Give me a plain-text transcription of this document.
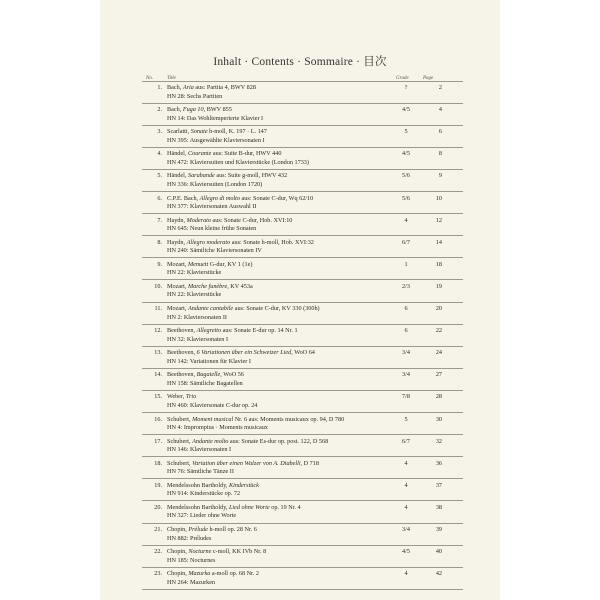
Inhalt · Contents · Sommaire · 目次
No.	Title	Grade	Page
1. Bach, Aria aus: Partita 4, BWV 828
HN 28: Sechs Partiten
?	2
2. Bach, Fuga 10, BWV 855
HN 14: Das Wohltemperierte Klavier I
4/5	4
3. Scarlatti, Sonate h-moll, K. 197 · L. 147
HN 395: Ausgewählte Klaviersonaten I
5	6
4. Händel, Courante aus: Suite B-dur, HWV 440
HN 472: Klaviersuiten und Klavierstücke (London 1733)
4/5	8
5. Händel, Sarabande aus: Suite g-moll, HWV 432
HN 336: Klaviersuiten (London 1720)
5/6	9
6. C.P.E. Bach, Allegro di molto aus: Sonate C-dur, Wq 62/10
HN 377: Klaviersonaten Auswahl II
5/6	10
7. Haydn, Moderato aus: Sonate C-dur, Hob. XVI:10
HN 645: Neun kleine frühe Sonaten
4	12
8. Haydn, Allegro moderato aus: Sonate h-moll, Hob. XVI:32
HN 240: Sämtliche Klaviersonaten IV
6/7	14
9. Mozart, Menuett G-dur, KV 1 (1e)
HN 22: Klavierstücke
1	18
10. Mozart, Marche funèbre, KV 453a
HN 22: Klavierstücke
2/3	19
11. Mozart, Andante cantabile aus: Sonate C-dur, KV 330 (300h)
HN 2: Klaviersonaten II
6	20
12. Beethoven, Allegretto aus: Sonate E-dur op. 14 Nr. 1
HN 32: Klaviersonaten I
6	22
13. Beethoven, 6 Variationen über ein Schweizer Lied, WoO 64
HN 142: Variationen für Klavier I
3/4	24
14. Beethoven, Bagatelle, WoO 56
HN 158: Sämtliche Bagatellen
3/4	27
15. Weber, Trio
HN 460: Klaviersonate C-dur op. 24
7/8	28
16. Schubert, Moment musical Nr. 6 aus: Moments musicaux op. 94, D 780
HN 4: Impromptus · Moments musicaux
5	30
17. Schubert, Andante molto aus: Sonate Es-dur op. post. 122, D 568
HN 146: Klaviersonaten I
6/7	32
18. Schubert, Variation über einen Walzer von A. Diabelli, D 718
HN 76: Sämtliche Tänze II
4	36
19. Mendelssohn Bartholdy, Kinderstück
HN 914: Kinderstücke op. 72
4	37
20. Mendelssohn Bartholdy, Lied ohne Worte op. 19 Nr. 4
HN 327: Lieder ohne Worte
4	38
21. Chopin, Prélude h-moll op. 28 Nr. 6
HN 882: Préludes
3/4	39
22. Chopin, Nocturne c-moll, KK IVb Nr. 8
HN 185: Nocturnes
4/5	40
23. Chopin, Mazurka a-moll op. 68 Nr. 2
HN 264: Mazurken
4	42
